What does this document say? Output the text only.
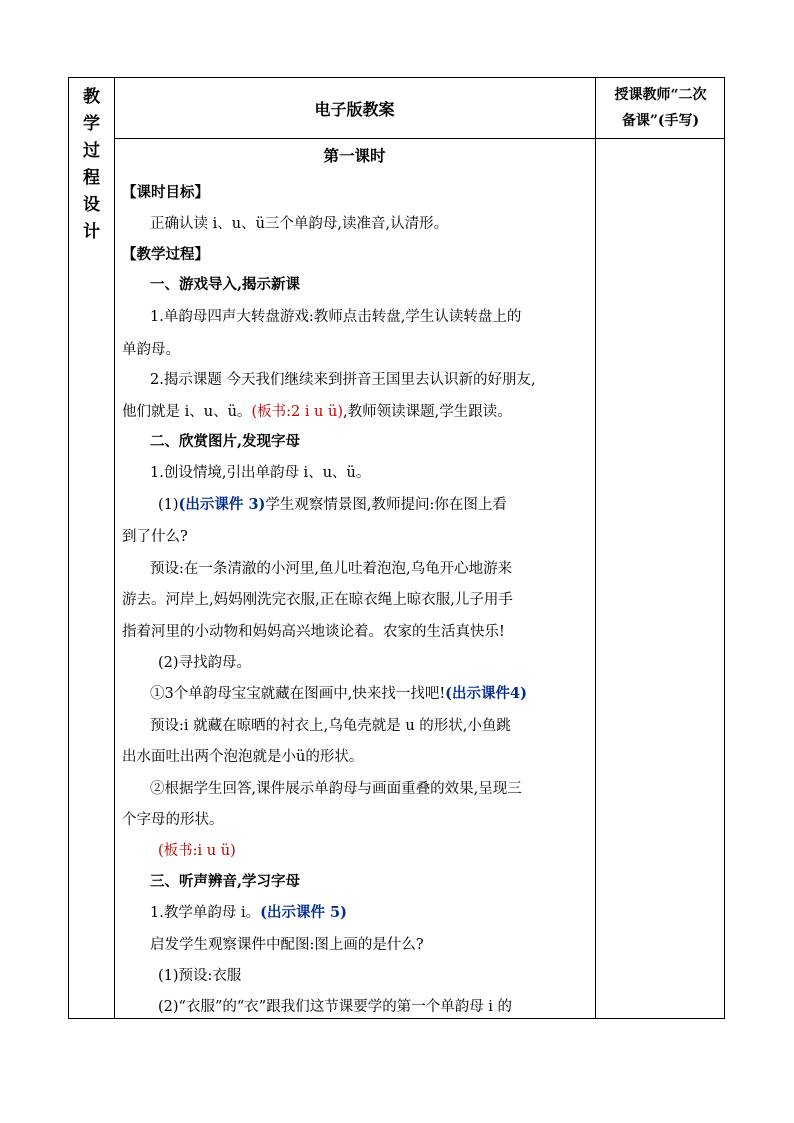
教
学
过
程
设
计
电子版教案
授课教师“二次
备课”(手写)
第一课时
【课时目标】
正确认读 i、u、ü三个单韵母,读准音,认清形。
【教学过程】
一、游戏导入,揭示新课
1.单韵母四声大转盘游戏:教师点击转盘,学生认读转盘上的
单韵母。
2.揭示课题 今天我们继续来到拼音王国里去认识新的好朋友,
他们就是 i、u、ü。(板书:2 i u ü),教师领读课题,学生跟读。
二、欣赏图片,发现字母
1.创设情境,引出单韵母 i、u、ü。
(1)(出示课件 3)学生观察情景图,教师提问:你在图上看
到了什么?
预设:在一条清澈的小河里,鱼儿吐着泡泡,乌龟开心地游来
游去。河岸上,妈妈刚洗完衣服,正在晾衣绳上晾衣服,儿子用手
指着河里的小动物和妈妈高兴地谈论着。农家的生活真快乐!
(2)寻找韵母。
①3个单韵母宝宝就藏在图画中,快来找一找吧!(出示课件4)
预设:i 就藏在晾晒的衬衣上,乌龟壳就是 u 的形状,小鱼跳
出水面吐出两个泡泡就是小ü的形状。
②根据学生回答,课件展示单韵母与画面重叠的效果,呈现三
个字母的形状。
(板书:i u ü)
三、听声辨音,学习字母
1.教学单韵母 i。(出示课件 5)
启发学生观察课件中配图:图上画的是什么?
(1)预设:衣服
(2)“衣服”的“衣”跟我们这节课要学的第一个单韵母 i 的
